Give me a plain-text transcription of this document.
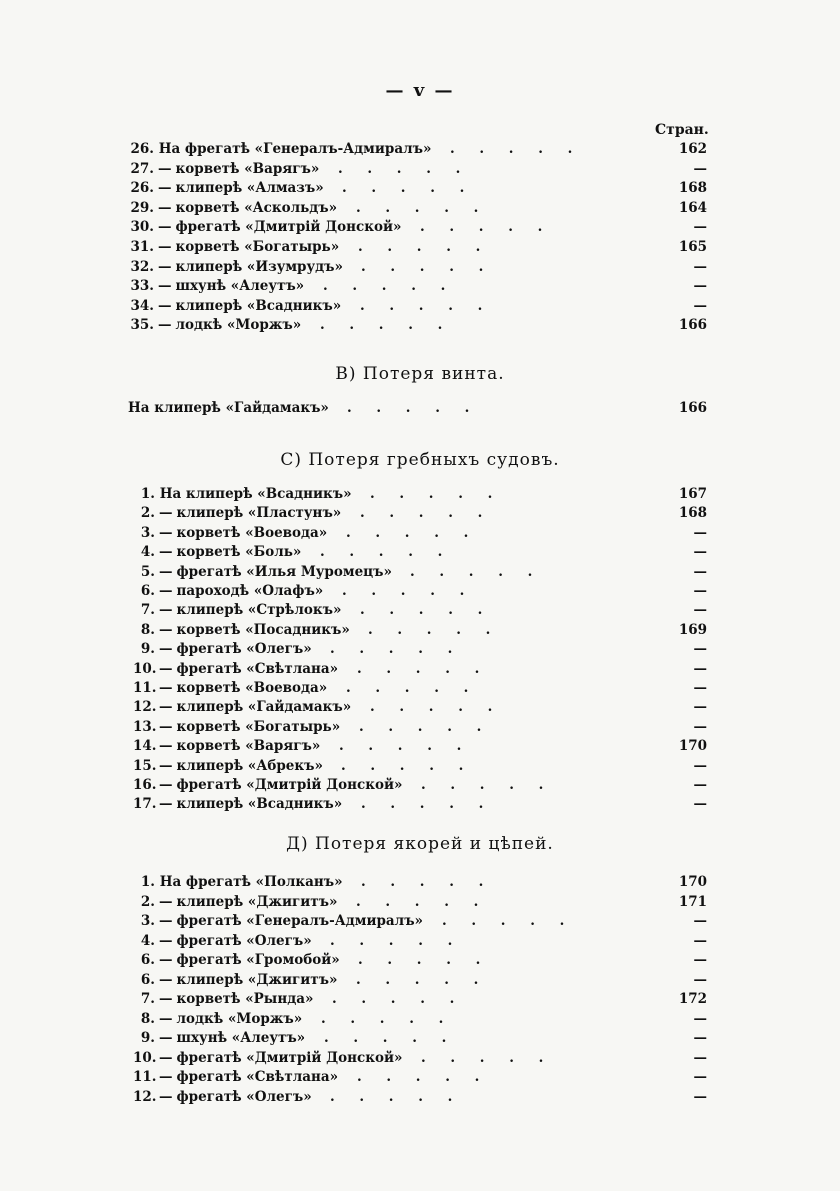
— v —
Стран.
26. На фрегатѣ «Генералъ-Адмиралъ» . . . . .	162
27. — корветѣ «Варягъ» . . . . .	—
26. — клиперѣ «Алмазъ» . . . . .	168
29. — корветѣ «Аскольдъ» . . . . .	164
30. — фрегатѣ «Дмитрій Донской» . . . . .	—
31. — корветѣ «Богатырь» . . . . .	165
32. — клиперѣ «Изумрудъ» . . . . .	—
33. — шхунѣ «Алеутъ» . . . . .	—
34. — клиперѣ «Всадникъ» . . . . .	—
35. — лодкѣ «Моржъ» . . . . .	166
В) Потеря винта.
На клиперѣ «Гайдамакъ» . . . . .	166
С) Потеря гребныхъ судовъ.
1. На клиперѣ «Всадникъ» . . . . .	167
2. — клиперѣ «Пластунъ» . . . . .	168
3. — корветѣ «Воевода» . . . . .	—
4. — корветѣ «Боль» . . . . .	—
5. — фрегатѣ «Илья Муромецъ» . . . . .	—
6. — пароходѣ «Олафъ» . . . . .	—
7. — клиперѣ «Стрѣлокъ» . . . . .	—
8. — корветѣ «Посадникъ» . . . . .	169
9. — фрегатѣ «Олегъ» . . . . .	—
10. — фрегатѣ «Свѣтлана» . . . . .	—
11. — корветѣ «Воевода» . . . . .	—
12. — клиперѣ «Гайдамакъ» . . . . .	—
13. — корветѣ «Богатырь» . . . . .	—
14. — корветѣ «Варягъ» . . . . .	170
15. — клиперѣ «Абрекъ» . . . . .	—
16. — фрегатѣ «Дмитрій Донской» . . . . .	—
17. — клиперѣ «Всадникъ» . . . . .	—
Д) Потеря якорей и цѣпей.
1. На фрегатѣ «Полканъ» . . . . .	170
2. — клиперѣ «Джигитъ» . . . . .	171
3. — фрегатѣ «Генералъ-Адмиралъ» . . . . .	—
4. — фрегатѣ «Олегъ» . . . . .	—
6. — фрегатѣ «Громобой» . . . . .	—
6. — клиперѣ «Джигитъ» . . . . .	—
7. — корветѣ «Рында» . . . . .	172
8. — лодкѣ «Моржъ» . . . . .	—
9. — шхунѣ «Алеутъ» . . . . .	—
10. — фрегатѣ «Дмитрій Донской» . . . . .	—
11. — фрегатѣ «Свѣтлана» . . . . .	—
12. — фрегатѣ «Олегъ» . . . . .	—
